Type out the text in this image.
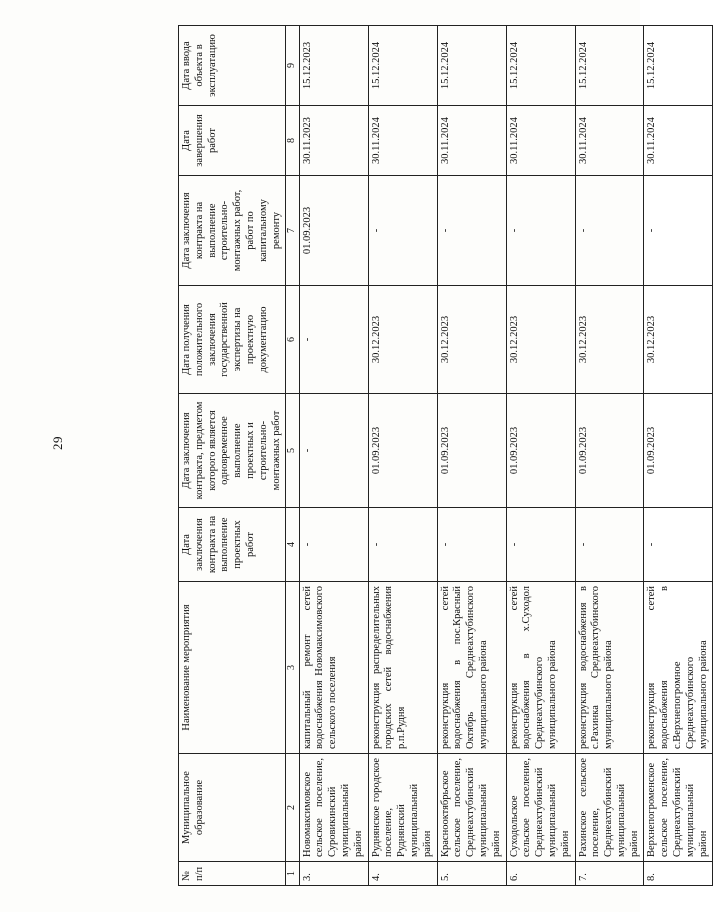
29
№ п/п	Муниципальное образование	Наименование мероприятия	Дата заключения контракта на выполнение проектных работ	Дата заключения контракта, предметом которого является одновременное выполнение проектных и строительно-монтажных работ	Дата получения положительного заключения государственной экспертизы на проектную документацию	Дата заключения контракта на выполнение строительно-монтажных работ, работ по капитальному ремонту	Дата завершения работ	Дата ввода объекта в эксплуатацию
1	2	3	4	5	6	7	8	9
3.	Новомаксимовское сельское поселение, Суровикинский муниципальный район	капитальный ремонт сетей водоснабжения Новомаксимовского сельского поселения	-	-	-	01.09.2023	30.11.2023	15.12.2023
4.	Руднянское городское поселение, Руднянский муниципальный район	реконструкция распределительных городских сетей водоснабжения р.п.Рудня	-	01.09.2023	30.12.2023	-	30.11.2024	15.12.2024
5.	Краснооктябрьское сельское поселение, Среднеахтубинский муниципальный район	реконструкция сетей водоснабжения в пос.Красный Октябрь Среднеахтубинского муниципального района	-	01.09.2023	30.12.2023	-	30.11.2024	15.12.2024
6.	Суходольское сельское поселение, Среднеахтубинский муниципальный район	реконструкция сетей водоснабжения в х.Суходол Среднеахтубинского муниципального района	-	01.09.2023	30.12.2023	-	30.11.2024	15.12.2024
7.	Рахинское сельское поселение, Среднеахтубинский муниципальный район	реконструкция водоснабжения в с.Рахинка Среднеахтубинского муниципального района	-	01.09.2023	30.12.2023	-	30.11.2024	15.12.2024
8.	Верхнепогроменское сельское поселение, Среднеахтубинский муниципальный район	реконструкция сетей водоснабжения в с.Верхнепогромное Среднеахтубинского муниципального района	-	01.09.2023	30.12.2023	-	30.11.2024	15.12.2024
